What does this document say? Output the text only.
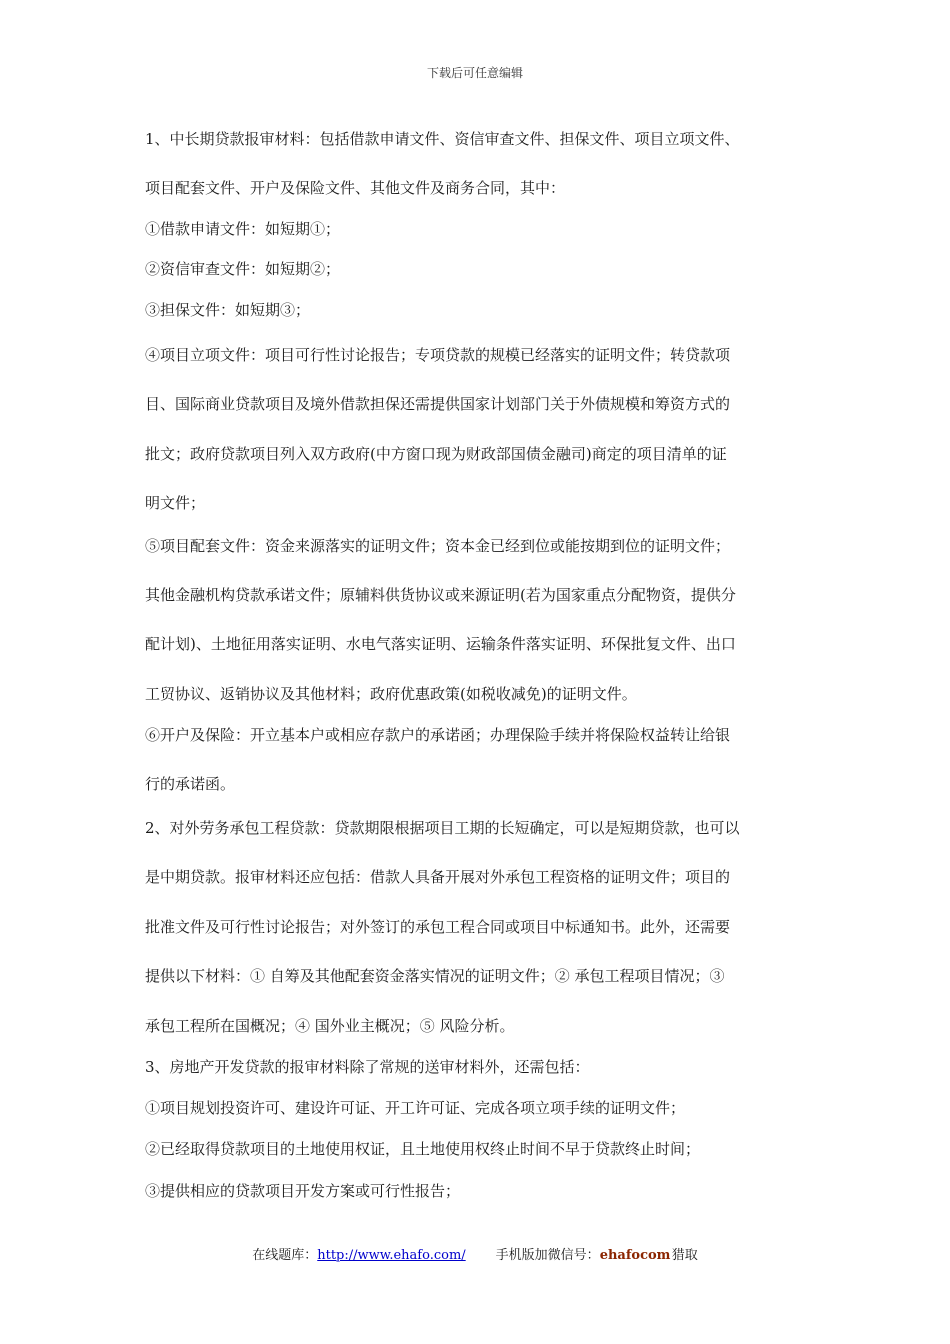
下载后可任意编辑
1、中长期贷款报审材料：包括借款申请文件、资信审查文件、担保文件、项目立项文件、
项目配套文件、开户及保险文件、其他文件及商务合同，其中：
①借款申请文件：如短期①；
②资信审查文件：如短期②；
③担保文件：如短期③；
④项目立项文件：项目可行性讨论报告；专项贷款的规模已经落实的证明文件；转贷款项
目、国际商业贷款项目及境外借款担保还需提供国家计划部门关于外债规模和筹资方式的
批文；政府贷款项目列入双方政府(中方窗口现为财政部国债金融司)商定的项目清单的证
明文件；
⑤项目配套文件：资金来源落实的证明文件；资本金已经到位或能按期到位的证明文件；
其他金融机构贷款承诺文件；原辅料供货协议或来源证明(若为国家重点分配物资，提供分
配计划)、土地征用落实证明、水电气落实证明、运输条件落实证明、环保批复文件、出口
工贸协议、返销协议及其他材料；政府优惠政策(如税收减免)的证明文件。
⑥开户及保险：开立基本户或相应存款户的承诺函；办理保险手续并将保险权益转让给银
行的承诺函。
2、对外劳务承包工程贷款：贷款期限根据项目工期的长短确定，可以是短期贷款，也可以
是中期贷款。报审材料还应包括：借款人具备开展对外承包工程资格的证明文件；项目的
批准文件及可行性讨论报告；对外签订的承包工程合同或项目中标通知书。此外，还需要
提供以下材料：① 自筹及其他配套资金落实情况的证明文件；② 承包工程项目情况；③
承包工程所在国概况；④ 国外业主概况；⑤ 风险分析。
3、房地产开发贷款的报审材料除了常规的送审材料外，还需包括：
①项目规划投资许可、建设许可证、开工许可证、完成各项立项手续的证明文件；
②已经取得贷款项目的土地使用权证，且土地使用权终止时间不早于贷款终止时间；
③提供相应的贷款项目开发方案或可行性报告；
在线题库：http://www.ehafo.com/ 手机版加微信号：ehafocom 猎取
